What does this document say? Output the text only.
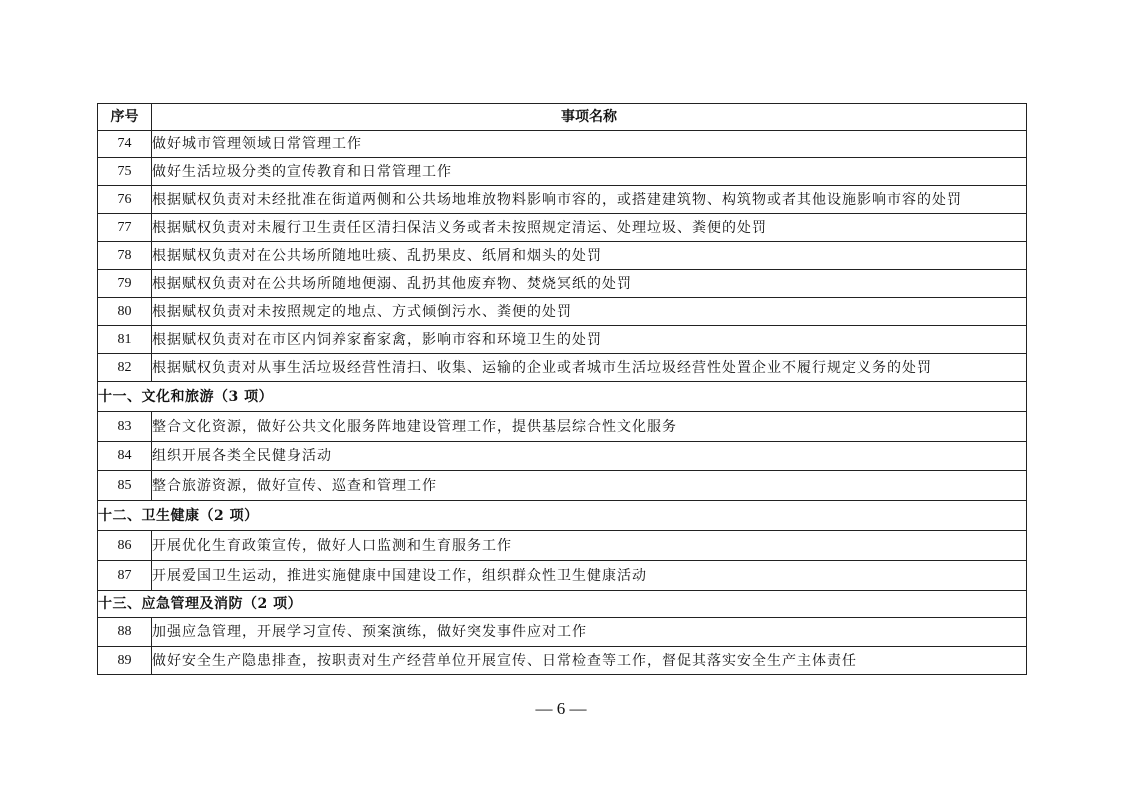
序号	事项名称
74	做好城市管理领域日常管理工作
75	做好生活垃圾分类的宣传教育和日常管理工作
76	根据赋权负责对未经批准在街道两侧和公共场地堆放物料影响市容的，或搭建建筑物、构筑物或者其他设施影响市容的处罚
77	根据赋权负责对未履行卫生责任区清扫保洁义务或者未按照规定清运、处理垃圾、粪便的处罚
78	根据赋权负责对在公共场所随地吐痰、乱扔果皮、纸屑和烟头的处罚
79	根据赋权负责对在公共场所随地便溺、乱扔其他废弃物、焚烧冥纸的处罚
80	根据赋权负责对未按照规定的地点、方式倾倒污水、粪便的处罚
81	根据赋权负责对在市区内饲养家畜家禽，影响市容和环境卫生的处罚
82	根据赋权负责对从事生活垃圾经营性清扫、收集、运输的企业或者城市生活垃圾经营性处置企业不履行规定义务的处罚
十一、文化和旅游（3 项）	
83	整合文化资源，做好公共文化服务阵地建设管理工作，提供基层综合性文化服务
84	组织开展各类全民健身活动
85	整合旅游资源，做好宣传、巡查和管理工作
十二、卫生健康（2 项）	
86	开展优化生育政策宣传，做好人口监测和生育服务工作
87	开展爱国卫生运动，推进实施健康中国建设工作，组织群众性卫生健康活动
十三、应急管理及消防（2 项）	
88	加强应急管理，开展学习宣传、预案演练，做好突发事件应对工作
89	做好安全生产隐患排查，按职责对生产经营单位开展宣传、日常检查等工作，督促其落实安全生产主体责任
— 6 —
